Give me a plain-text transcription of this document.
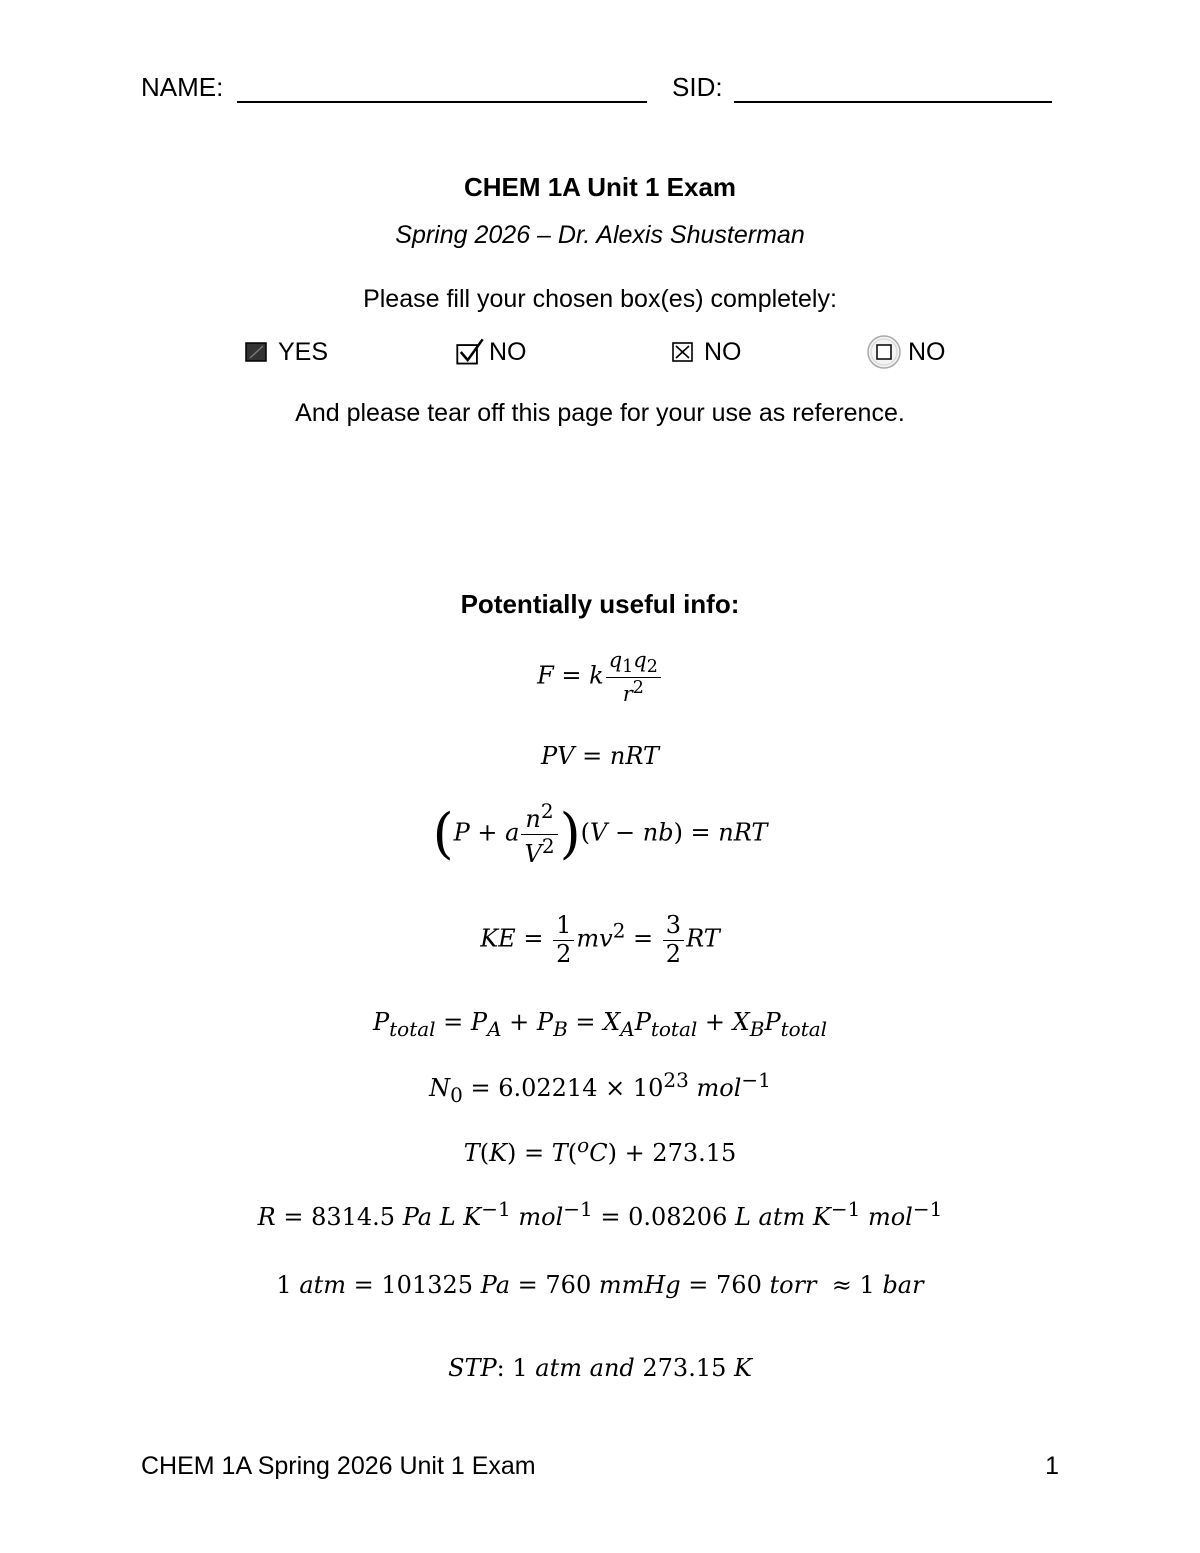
NAME:	SID:
CHEM 1A Unit 1 Exam
Spring 2026 – Dr. Alexis Shusterman
Please fill your chosen box(es) completely:
YES	NO	NO	NO
And please tear off this page for your use as reference.
Potentially useful info:
F = k $\frac{q_1q_2}{r^2}$
PV = nRT
(P + a $\frac{n^2}{V^2} )(V - nb)$ = nRT
KE = $\frac{1}{2} mv^2 = \frac{3}{2}$ RT
$P_{total} = P_A + P_B = X_AP_{total} + X_BP_{total}$
$N_0 = 6.02214 \times 10^{23}$ mol$^{-1}$
T(K) = T($^o$C) + 273.15
R = 8314.5 Pa L $K^{-1}$ mol$^{-1}$ = 0.08206 L atm $K^{-1}$ mol$^{-1}$
1 atm = 101325 Pa = 760 mmHg = 760 torr  ≈ 1 bar
STP: 1 atm and 273.15 K
CHEM 1A Spring 2026 Unit 1 Exam	1
